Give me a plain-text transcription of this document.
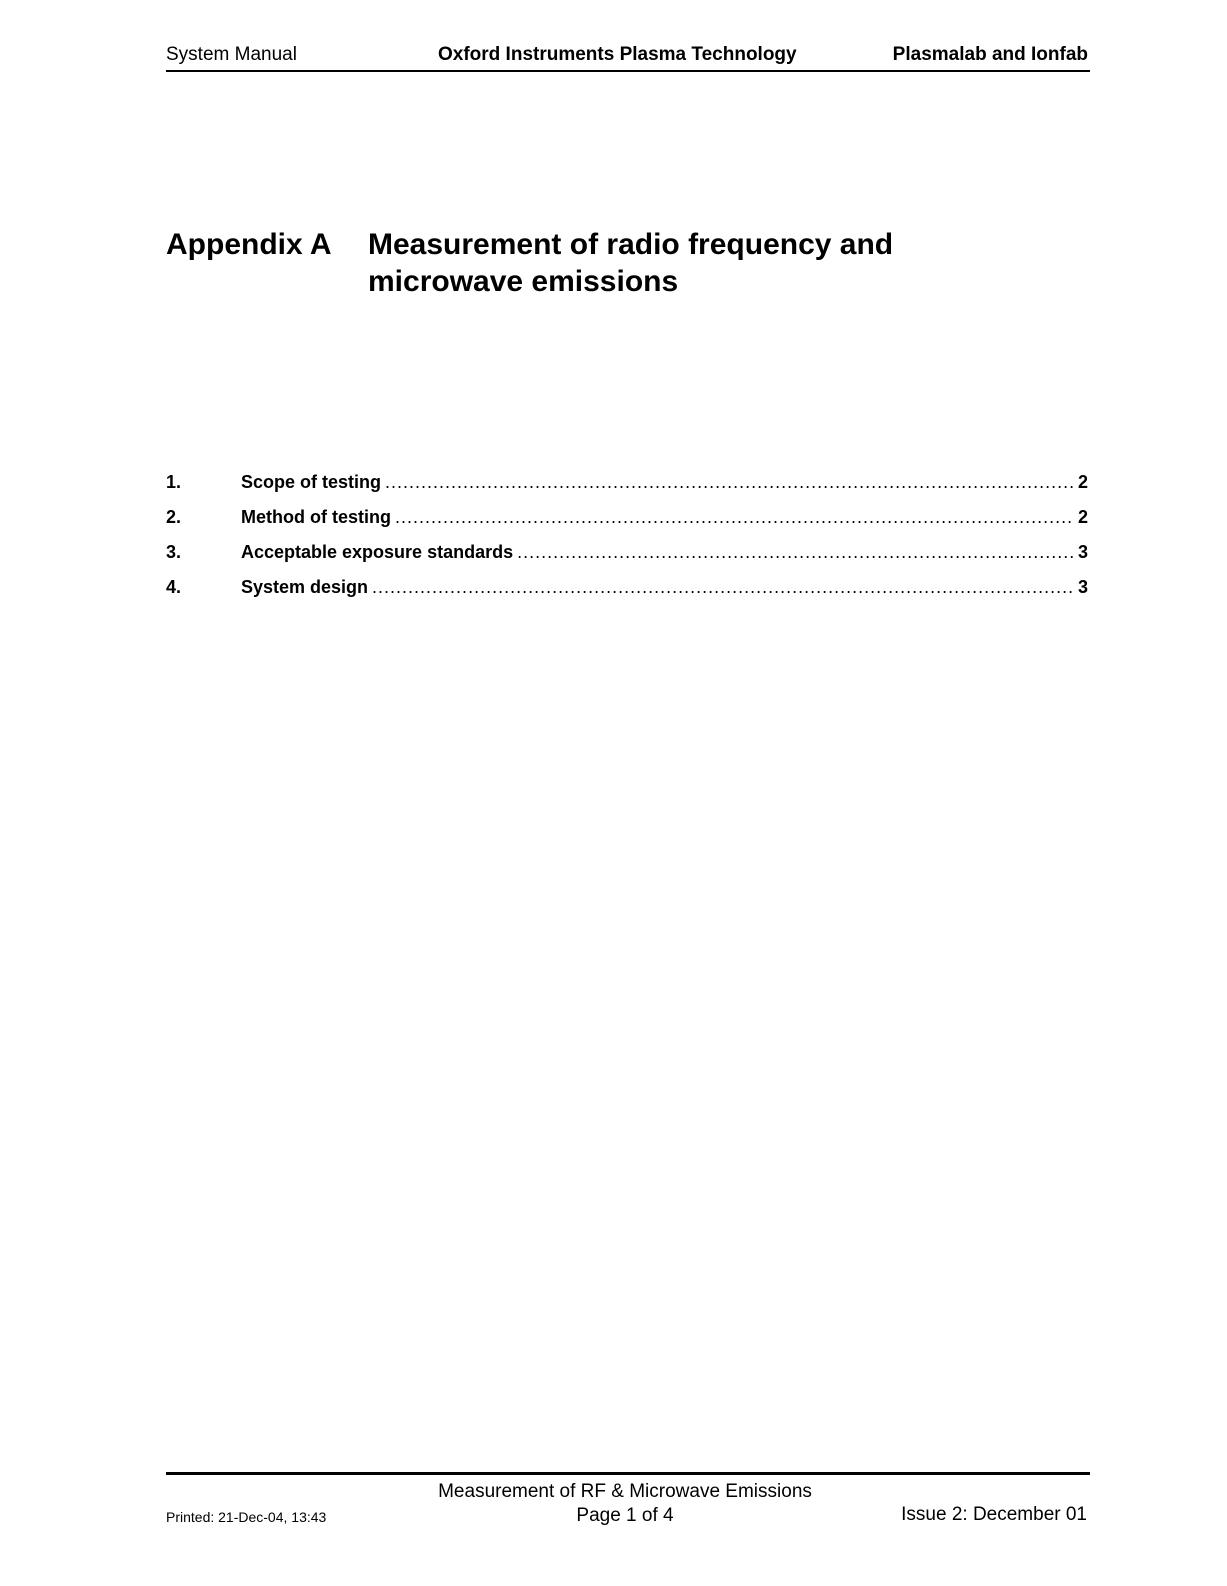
System Manual	Oxford Instruments Plasma Technology	Plasmalab and Ionfab
Appendix A Measurement of radio frequency and microwave emissions
1.	Scope of testing .....	2
2.	Method of testing .....	2
3.	Acceptable exposure standards .....	3
4.	System design .....	3
Measurement of RF & Microwave Emissions
Page 1 of 4
Printed: 21-Dec-04, 13:43	Issue 2: December 01
